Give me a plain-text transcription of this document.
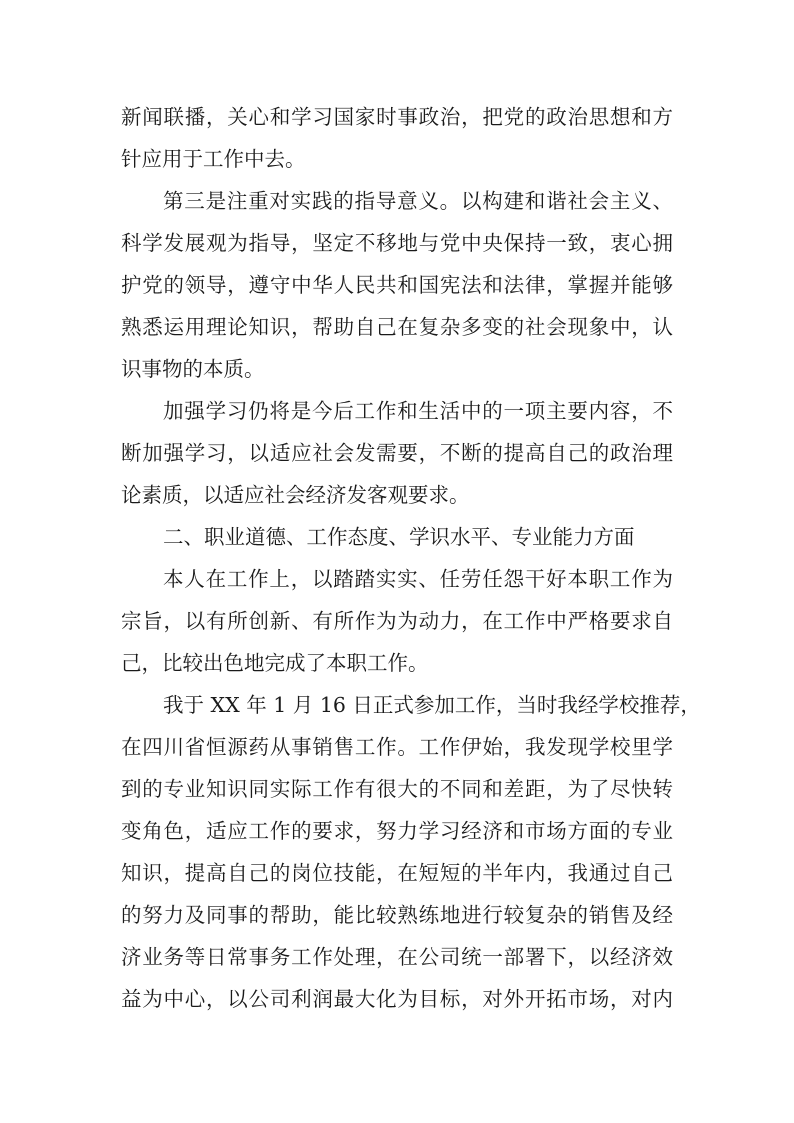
新闻联播，关心和学习国家时事政治，把党的政治思想和方
针应用于工作中去。
第三是注重对实践的指导意义。以构建和谐社会主义、
科学发展观为指导，坚定不移地与党中央保持一致，衷心拥
护党的领导，遵守中华人民共和国宪法和法律，掌握并能够
熟悉运用理论知识，帮助自己在复杂多变的社会现象中，认
识事物的本质。
加强学习仍将是今后工作和生活中的一项主要内容，不
断加强学习，以适应社会发需要，不断的提高自己的政治理
论素质，以适应社会经济发客观要求。
二、职业道德、工作态度、学识水平、专业能力方面
本人在工作上，以踏踏实实、任劳任怨干好本职工作为
宗旨，以有所创新、有所作为为动力，在工作中严格要求自
己，比较出色地完成了本职工作。
我于 XX 年 1 月 16 日正式参加工作，当时我经学校推荐，
在四川省恒源药从事销售工作。工作伊始，我发现学校里学
到的专业知识同实际工作有很大的不同和差距，为了尽快转
变角色，适应工作的要求，努力学习经济和市场方面的专业
知识，提高自己的岗位技能，在短短的半年内，我通过自己
的努力及同事的帮助，能比较熟练地进行较复杂的销售及经
济业务等日常事务工作处理，在公司统一部署下，以经济效
益为中心，以公司利润最大化为目标，对外开拓市场，对内
